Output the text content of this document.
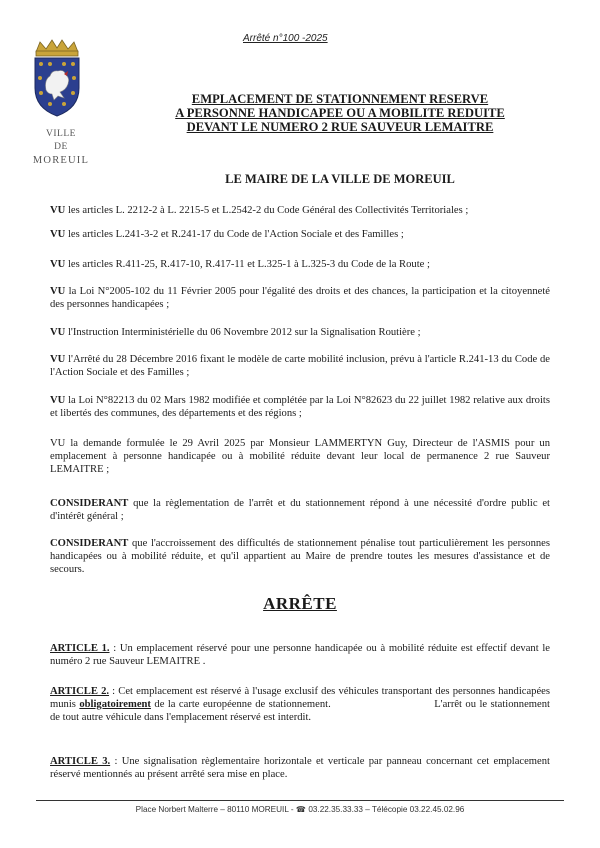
Arrêté n°100 -2025
VILLE
DE
MOREUIL
EMPLACEMENT DE STATIONNEMENT RESERVE
A PERSONNE HANDICAPEE OU A MOBILITE REDUITE
DEVANT LE NUMERO 2 RUE SAUVEUR LEMAITRE
LE MAIRE DE LA VILLE DE MOREUIL
VU les articles L. 2212-2 à L. 2215-5 et L.2542-2 du Code Général des Collectivités Territoriales ;
VU les articles L.241-3-2 et R.241-17 du Code de l'Action Sociale et des Familles ;
VU les articles R.411-25, R.417-10, R.417-11 et L.325-1 à L.325-3 du Code de la Route ;
VU la Loi N°2005-102 du 11 Février 2005 pour l'égalité des droits et des chances, la participation et la citoyenneté des personnes handicapées ;
VU l'Instruction Interministérielle du 06 Novembre 2012 sur la Signalisation Routière ;
VU l'Arrêté du 28 Décembre 2016 fixant le modèle de carte mobilité inclusion, prévu à l'article R.241-13 du Code de l'Action Sociale et des Familles ;
VU la Loi N°82213 du 02 Mars 1982 modifiée et complétée par la Loi N°82623 du 22 juillet 1982 relative aux droits et libertés des communes, des départements et des régions ;
VU la demande formulée le 29 Avril 2025 par Monsieur LAMMERTYN Guy, Directeur de l'ASMIS pour un emplacement à personne handicapée ou à mobilité réduite devant leur local de permanence 2 rue Sauveur LEMAITRE ;
CONSIDERANT que la règlementation de l'arrêt et du stationnement répond à une nécessité d'ordre public et d'intérêt général ;
CONSIDERANT que l'accroissement des difficultés de stationnement pénalise tout particulièrement les personnes handicapées ou à mobilité réduite, et qu'il appartient au Maire de prendre toutes les mesures d'assistance et de secours.
ARRÊTE
ARTICLE 1. : Un emplacement réservé pour une personne handicapée ou à mobilité réduite est effectif devant le numéro 2 rue Sauveur LEMAITRE .
ARTICLE 2. : Cet emplacement est réservé à l'usage exclusif des véhicules transportant des personnes handicapées munis obligatoirement de la carte européenne de stationnement.	L'arrêt ou le stationnement de tout autre véhicule dans l'emplacement réservé est interdit.
ARTICLE 3. : Une signalisation règlementaire horizontale et verticale par panneau concernant cet emplacement réservé mentionnés au présent arrêté sera mise en place.
Place Norbert Malterre – 80110 MOREUIL - ☎ 03.22.35.33.33 – Télécopie 03.22.45.02.96
